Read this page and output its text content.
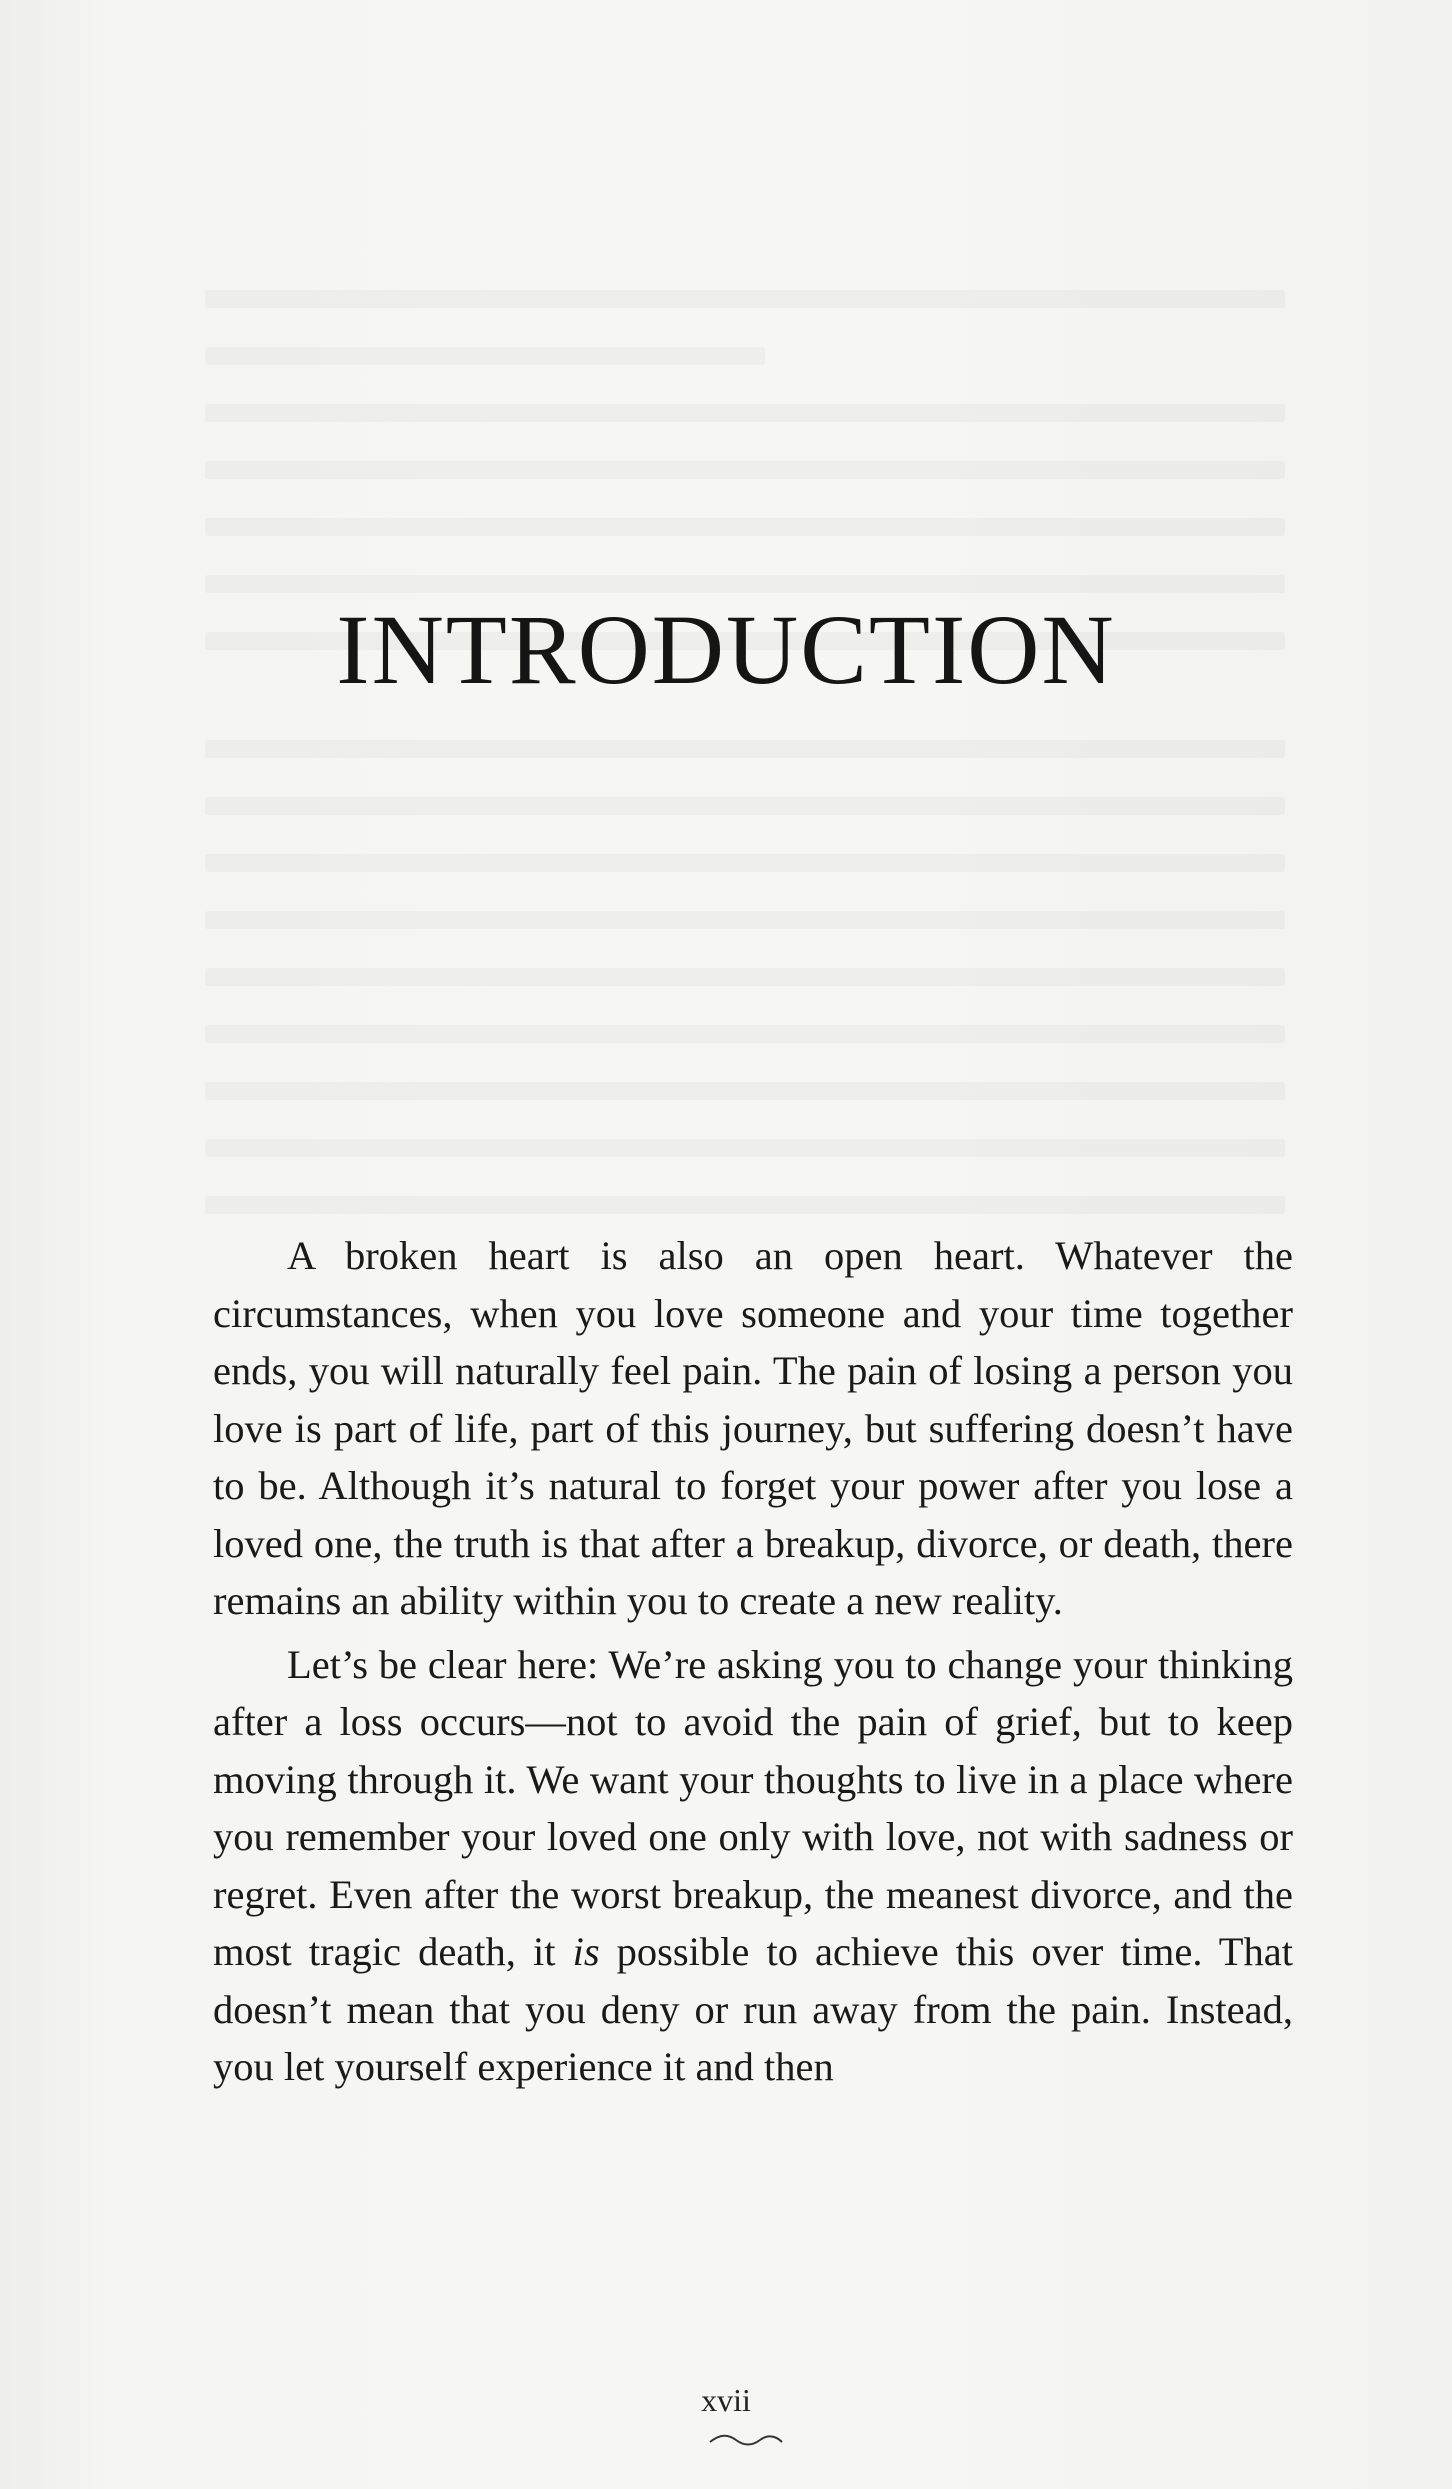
INTRODUCTION

A broken heart is also an open heart. Whatever the circumstances, when you love someone and your time together ends, you will naturally feel pain. The pain of losing a person you love is part of life, part of this journey, but suffering doesn’t have to be. Although it’s natural to forget your power after you lose a loved one, the truth is that after a breakup, divorce, or death, there remains an ability within you to create a new reality.

Let’s be clear here: We’re asking you to change your thinking after a loss occurs—not to avoid the pain of grief, but to keep moving through it. We want your thoughts to live in a place where you remember your loved one only with love, not with sadness or regret. Even after the worst breakup, the meanest divorce, and the most tragic death, it is possible to achieve this over time. That doesn’t mean that you deny or run away from the pain. Instead, you let yourself experience it and then

xvii
